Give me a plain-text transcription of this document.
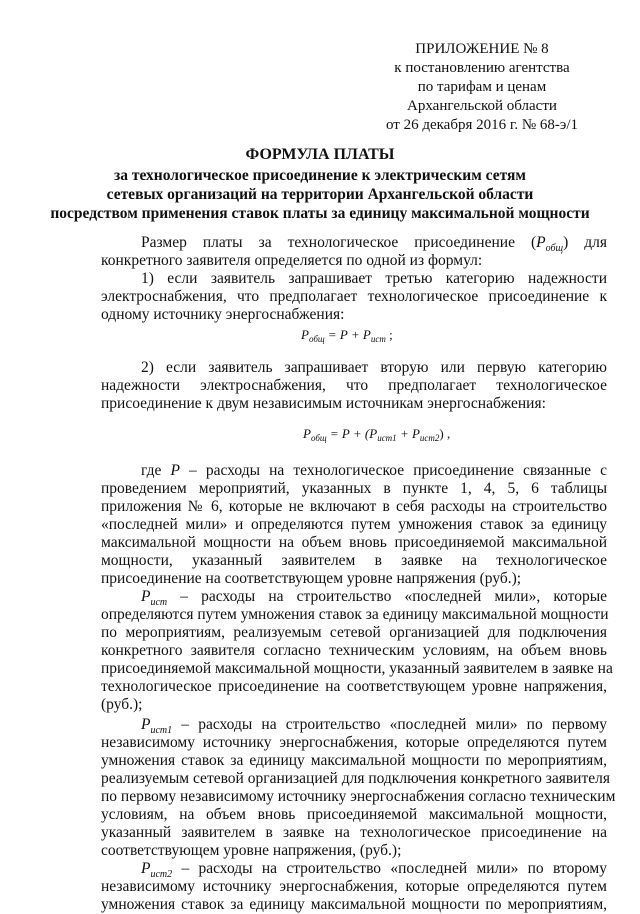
ПРИЛОЖЕНИЕ № 8
к постановлению агентства
по тарифам и ценам
Архангельской области
от 26 декабря 2016 г. № 68-э/1
ФОРМУЛА ПЛАТЫ
за технологическое присоединение к электрическим сетям
сетевых организаций на территории Архангельской области
посредством применения ставок платы за единицу максимальной мощности
Размер платы за технологическое присоединение $(P_{общ})$ для
конкретного заявителя определяется по одной из формул:
1) если заявитель запрашивает третью категорию надежности
электроснабжения, что предполагает технологическое присоединение к
одному источнику энергоснабжения:
$P_{общ} = P + P_{ист}$ ;
2) если заявитель запрашивает вторую или первую категорию
надежности электроснабжения, что предполагает технологическое
присоединение к двум независимым источникам энергоснабжения:
$P_{общ} = P + (P_{ист1} + P_{ист2})$ ,
где P – расходы на технологическое присоединение связанные с
проведением мероприятий, указанных в пункте 1, 4, 5, 6 таблицы
приложения № 6, которые не включают в себя расходы на строительство
«последней мили» и определяются путем умножения ставок за единицу
максимальной мощности на объем вновь присоединяемой максимальной
мощности, указанный заявителем в заявке на технологическое
присоединение на соответствующем уровне напряжения (руб.);
$P_{ист}$ – расходы на строительство «последней мили», которые
определяются путем умножения ставок за единицу максимальной мощности
по мероприятиям, реализуемым сетевой организацией для подключения
конкретного заявителя согласно техническим условиям, на объем вновь
присоединяемой максимальной мощности, указанный заявителем в заявке на
технологическое присоединение на соответствующем уровне напряжения,
(руб.);
$P_{ист1}$ – расходы на строительство «последней мили» по первому
независимому источнику энергоснабжения, которые определяются путем
умножения ставок за единицу максимальной мощности по мероприятиям,
реализуемым сетевой организацией для подключения конкретного заявителя
по первому независимому источнику энергоснабжения согласно техническим
условиям, на объем вновь присоединяемой максимальной мощности,
указанный заявителем в заявке на технологическое присоединение на
соответствующем уровне напряжения, (руб.);
$P_{ист2}$ – расходы на строительство «последней мили» по второму
независимому источнику энергоснабжения, которые определяются путем
умножения ставок за единицу максимальной мощности по мероприятиям,
